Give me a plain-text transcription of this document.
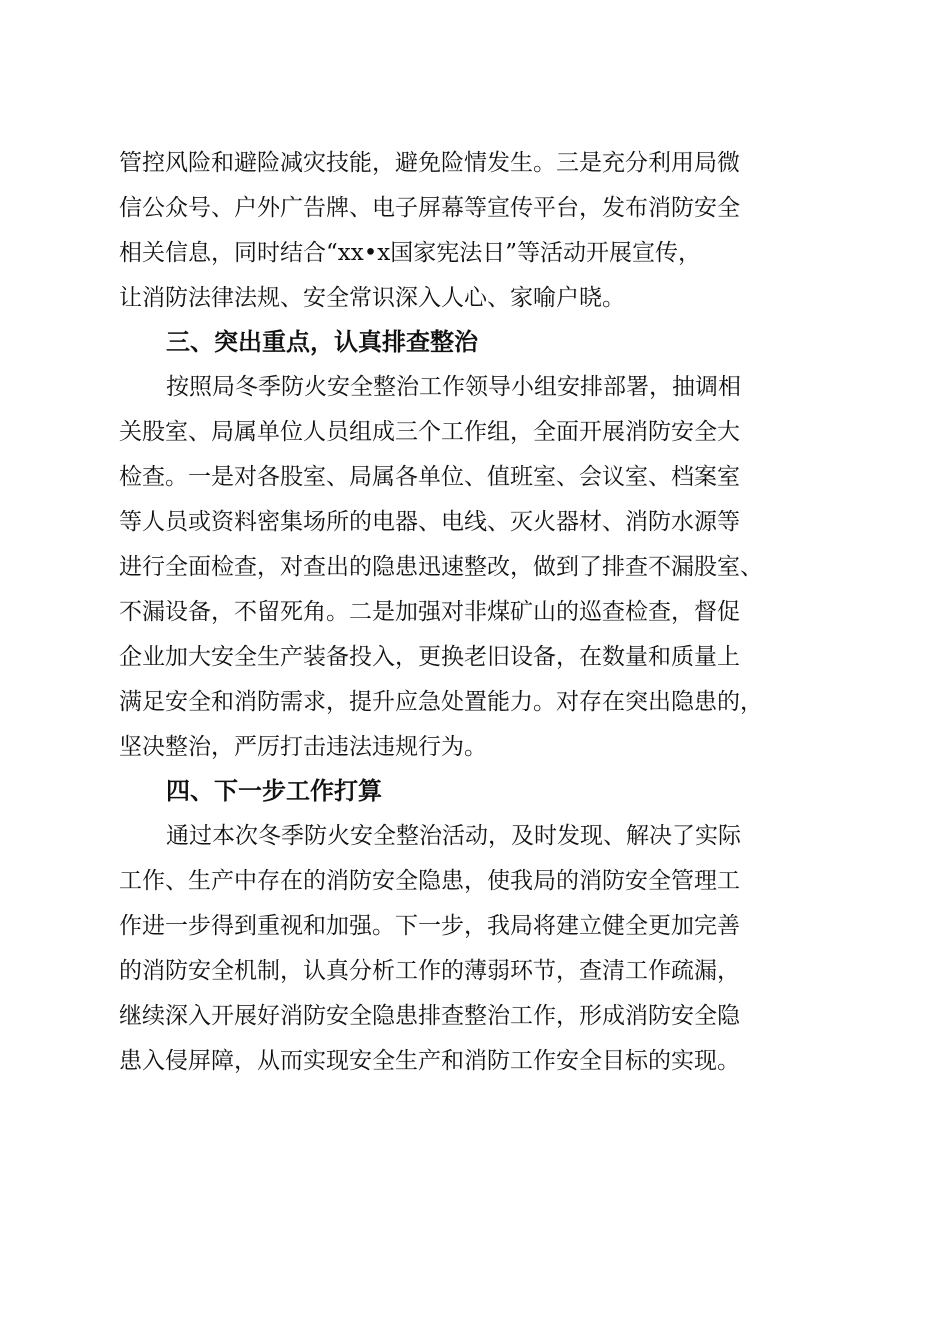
管控风险和避险减灾技能，避免险情发生。三是充分利用局微
信公众号、户外广告牌、电子屏幕等宣传平台，发布消防安全
相关信息，同时结合“xx•x国家宪法日”等活动开展宣传，
让消防法律法规、安全常识深入人心、家喻户晓。
三、突出重点，认真排查整治
按照局冬季防火安全整治工作领导小组安排部署，抽调相
关股室、局属单位人员组成三个工作组，全面开展消防安全大
检查。一是对各股室、局属各单位、值班室、会议室、档案室
等人员或资料密集场所的电器、电线、灭火器材、消防水源等
进行全面检查，对查出的隐患迅速整改，做到了排查不漏股室、
不漏设备，不留死角。二是加强对非煤矿山的巡查检查，督促
企业加大安全生产装备投入，更换老旧设备，在数量和质量上
满足安全和消防需求，提升应急处置能力。对存在突出隐患的，
坚决整治，严厉打击违法违规行为。
四、下一步工作打算
通过本次冬季防火安全整治活动，及时发现、解决了实际
工作、生产中存在的消防安全隐患，使我局的消防安全管理工
作进一步得到重视和加强。下一步，我局将建立健全更加完善
的消防安全机制，认真分析工作的薄弱环节，查清工作疏漏，
继续深入开展好消防安全隐患排查整治工作，形成消防安全隐
患入侵屏障，从而实现安全生产和消防工作安全目标的实现。
